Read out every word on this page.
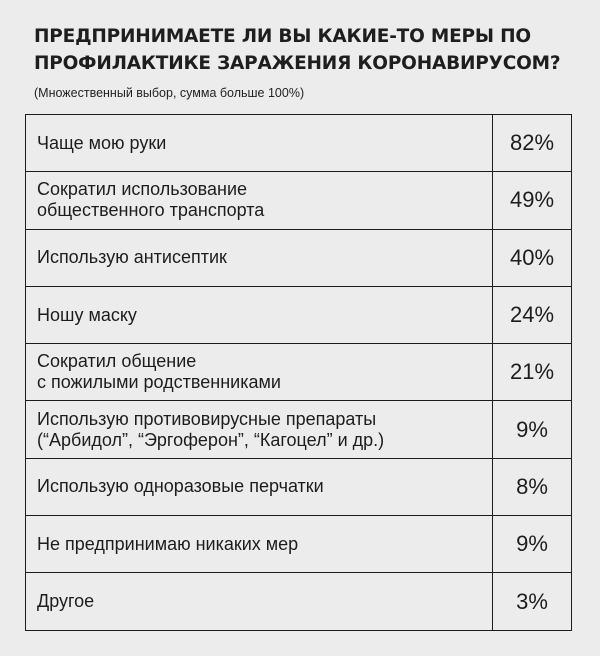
ПРЕДПРИНИМАЕТЕ ЛИ ВЫ КАКИЕ-ТО МЕРЫ ПО ПРОФИЛАКТИКЕ ЗАРАЖЕНИЯ КОРОНАВИРУСОМ?
(Множественный выбор, сумма больше 100%)
Чаще мою руки	82%
Сократил использование
общественного транспорта	49%
Использую антисептик	40%
Ношу маску	24%
Сократил общение
с пожилыми родственниками	21%
Использую противовирусные препараты
(“Арбидол”, “Эргоферон”, “Кагоцел” и др.)	9%
Использую одноразовые перчатки	8%
Не предпринимаю никаких мер	9%
Другое	3%
